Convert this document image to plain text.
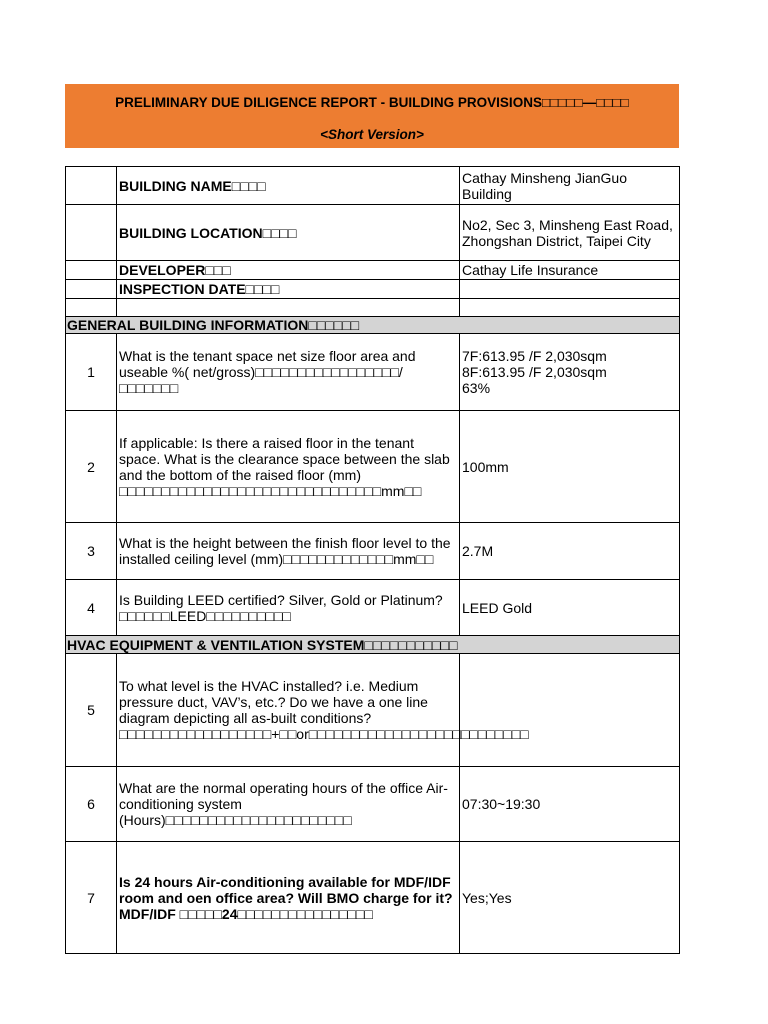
PRELIMINARY DUE DILIGENCE REPORT - BUILDING PROVISIONS□□□□□—□□□□
<Short Version>
	BUILDING NAME□□□□	Cathay Minsheng JianGuo Building
	BUILDING LOCATION□□□□	No2, Sec 3, Minsheng East Road, Zhongshan District, Taipei City
	DEVELOPER□□□	Cathay Life Insurance
	INSPECTION DATE□□□□	

GENERAL BUILDING INFORMATION□□□□□□		
1	What is the tenant space net size floor area and useable %( net/gross)□□□□□□□□□□□□□□□□□/□□□□□□□	7F:613.95 /F 2,030sqm
8F:613.95 /F 2,030sqm
63%
2	If applicable: Is there a raised floor in the tenant space. What is the clearance space between the slab and the bottom of the raised floor (mm) □□□□□□□□□□□□□□□□□□□□□□□□□□□□□□□mm□□	100mm
3	What is the height between the finish floor level to the installed ceiling level (mm)□□□□□□□□□□□□□mm□□	2.7M
4	Is Building LEED certified? Silver, Gold or Platinum?□□□□□□LEED□□□□□□□□□□	LEED Gold
HVAC EQUIPMENT & VENTILATION SYSTEM□□□□□□□□□□□		
5	To what level is the HVAC installed? i.e. Medium pressure duct, VAV’s, etc.? Do we have a one line diagram depicting all as-built conditions?□□□□□□□□□□□□□□□□□□+□□or□□□□□□□□□□□□□□□□□□□□□□□□□□	
6	What are the normal operating hours of the office Air-conditioning system (Hours)□□□□□□□□□□□□□□□□□□□□□□	07:30~19:30
7	Is 24 hours Air-conditioning available for MDF/IDF room and oen office area? Will BMO charge for it?
MDF/IDF □□□□□24□□□□□□□□□□□□□□□□	Yes;Yes
